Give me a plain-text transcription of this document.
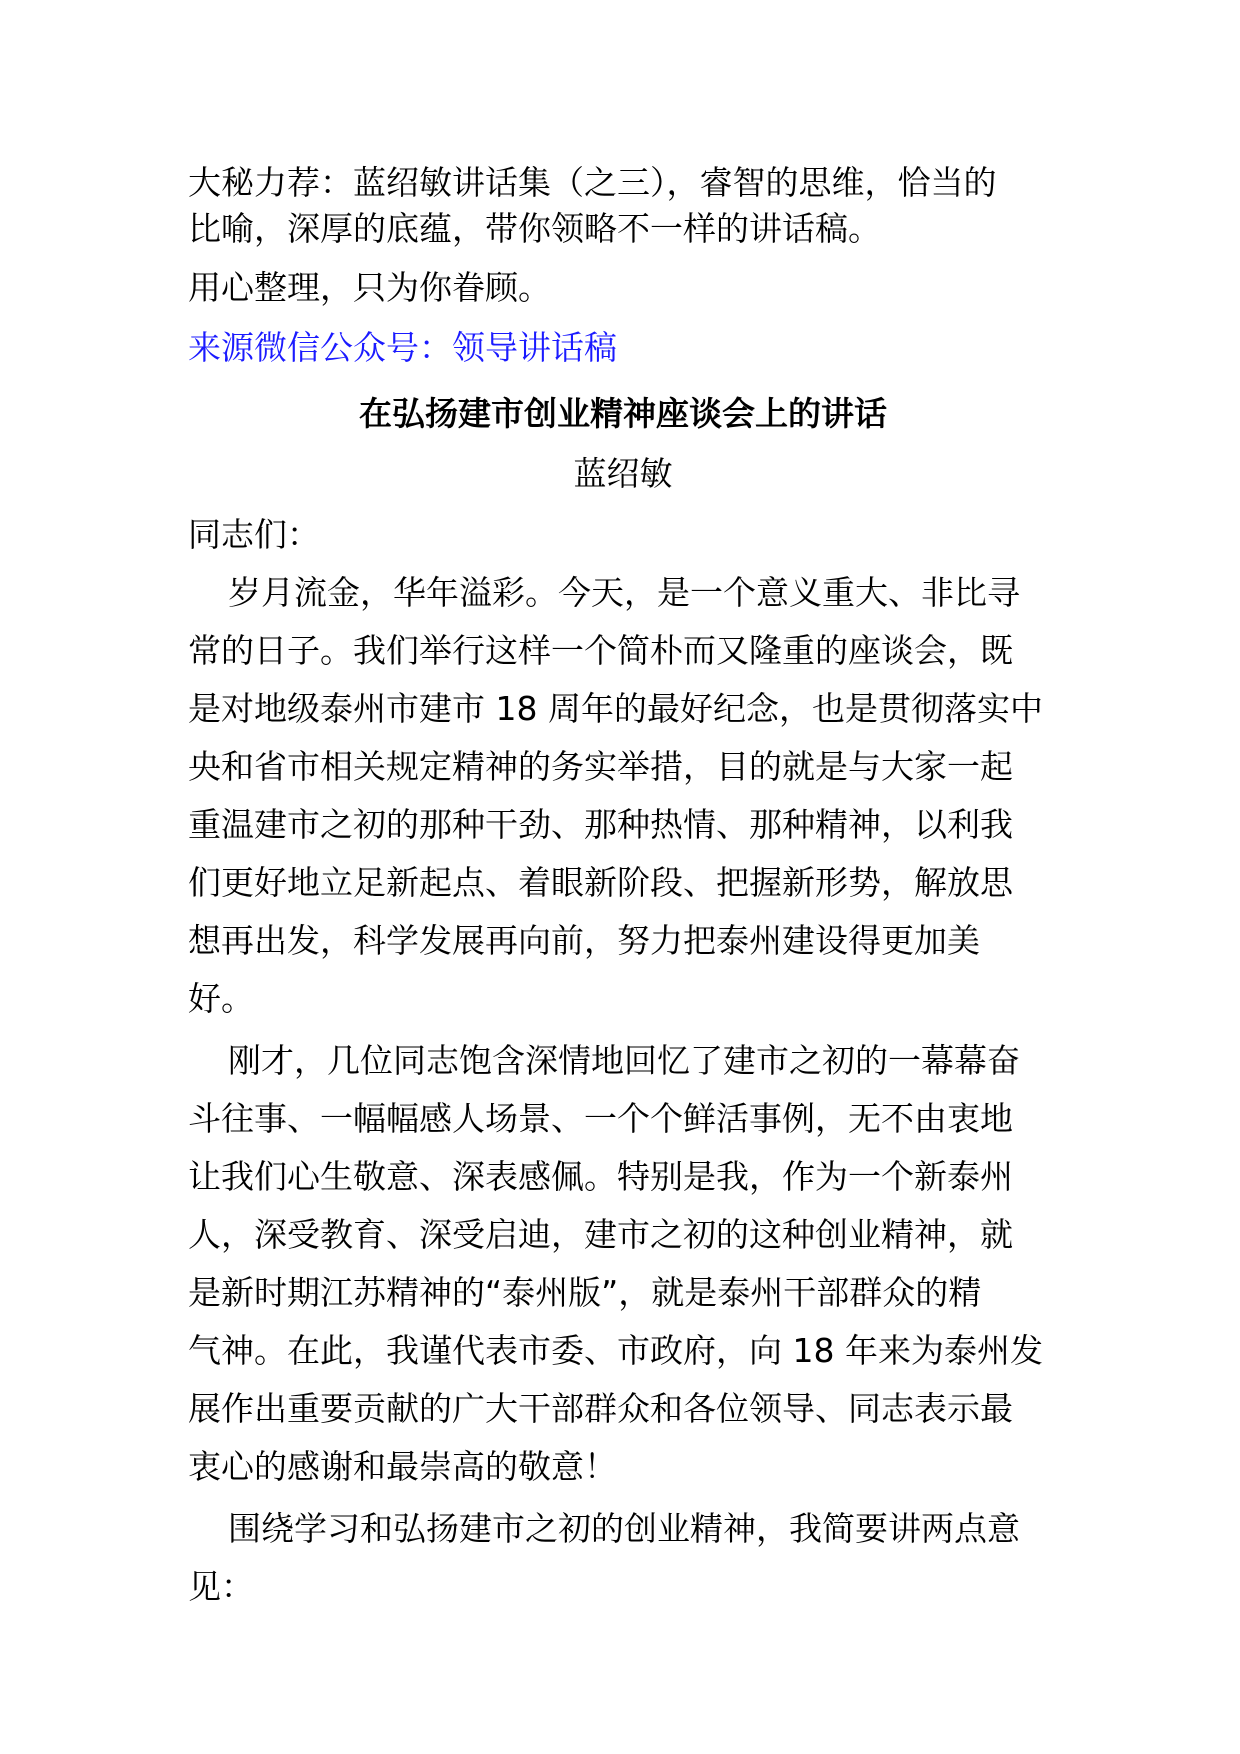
大秘力荐：蓝绍敏讲话集（之三），睿智的思维，恰当的

比喻，深厚的底蕴，带你领略不一样的讲话稿。

用心整理，只为你眷顾。

来源微信公众号：领导讲话稿

在弘扬建市创业精神座谈会上的讲话

蓝绍敏

同志们：

岁月流金，华年溢彩。今天，是一个意义重大、非比寻
常的日子。我们举行这样一个简朴而又隆重的座谈会，既
是对地级泰州市建市 18 周年的最好纪念，也是贯彻落实中
央和省市相关规定精神的务实举措，目的就是与大家一起
重温建市之初的那种干劲、那种热情、那种精神，以利我
们更好地立足新起点、着眼新阶段、把握新形势，解放思
想再出发，科学发展再向前，努力把泰州建设得更加美
好。

刚才，几位同志饱含深情地回忆了建市之初的一幕幕奋
斗往事、一幅幅感人场景、一个个鲜活事例，无不由衷地
让我们心生敬意、深表感佩。特别是我，作为一个新泰州
人，深受教育、深受启迪，建市之初的这种创业精神，就
是新时期江苏精神的“泰州版”，就是泰州干部群众的精
气神。在此，我谨代表市委、市政府，向 18 年来为泰州发
展作出重要贡献的广大干部群众和各位领导、同志表示最
衷心的感谢和最崇高的敬意！

围绕学习和弘扬建市之初的创业精神，我简要讲两点意
见：
